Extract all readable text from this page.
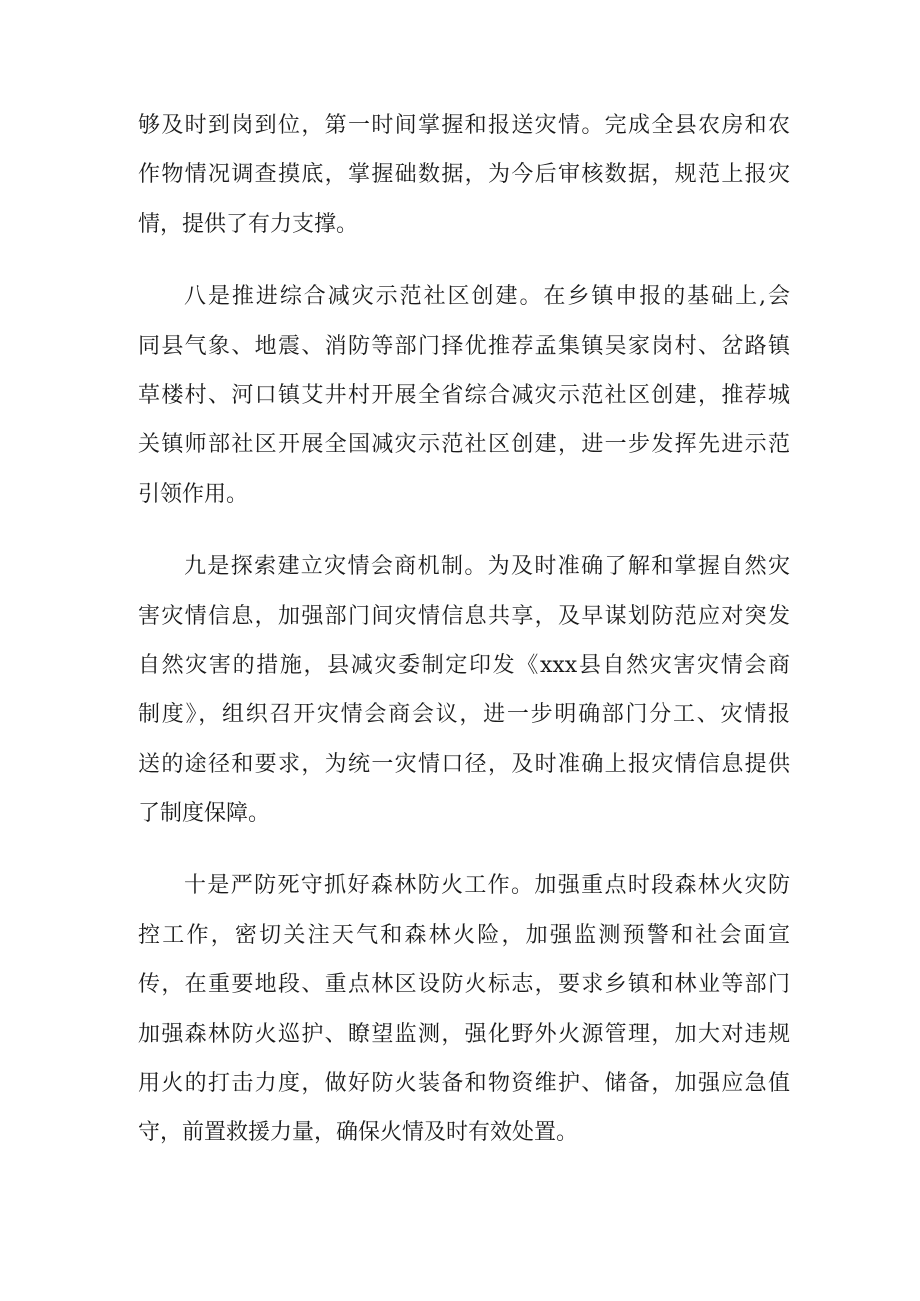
够及时到岗到位，第一时间掌握和报送灾情。完成全县农房和农
作物情况调查摸底，掌握础数据，为今后审核数据，规范上报灾
情，提供了有力支撑。
八是推进综合减灾示范社区创建。在乡镇申报的基础上,会
同县气象、地震、消防等部门择优推荐孟集镇吴家岗村、岔路镇
草楼村、河口镇艾井村开展全省综合减灾示范社区创建，推荐城
关镇师部社区开展全国减灾示范社区创建，进一步发挥先进示范
引领作用。
九是探索建立灾情会商机制。为及时准确了解和掌握自然灾
害灾情信息，加强部门间灾情信息共享，及早谋划防范应对突发
自然灾害的措施，县减灾委制定印发《xxx县自然灾害灾情会商
制度》，组织召开灾情会商会议，进一步明确部门分工、灾情报
送的途径和要求，为统一灾情口径，及时准确上报灾情信息提供
了制度保障。
十是严防死守抓好森林防火工作。加强重点时段森林火灾防
控工作，密切关注天气和森林火险，加强监测预警和社会面宣
传，在重要地段、重点林区设防火标志，要求乡镇和林业等部门
加强森林防火巡护、瞭望监测，强化野外火源管理，加大对违规
用火的打击力度，做好防火装备和物资维护、储备，加强应急值
守，前置救援力量，确保火情及时有效处置。
